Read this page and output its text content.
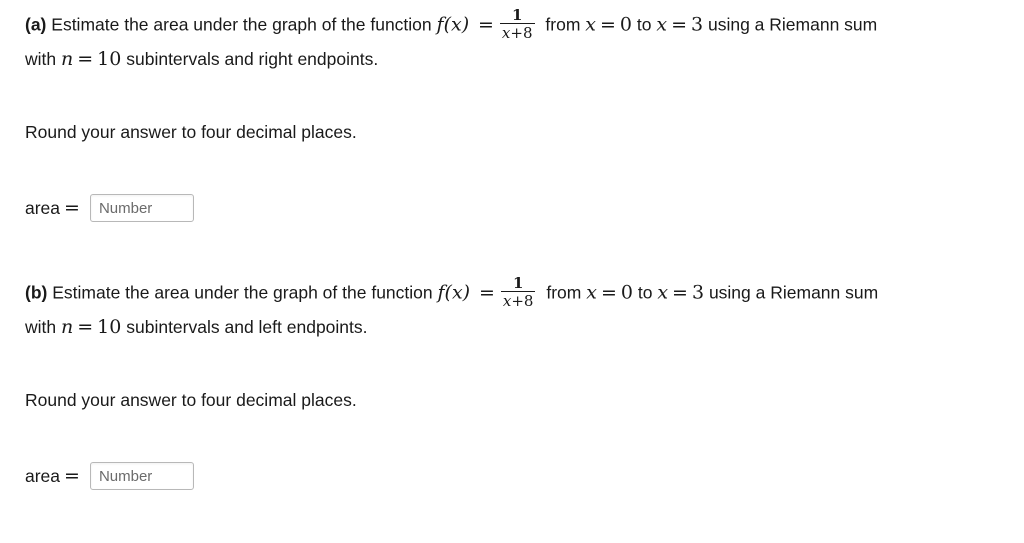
(a) Estimate the area under the graph of the function $f(x) = \frac{1}{x+8}$ from x = 0 to x = 3 using a Riemann sum
with n = 10 subintervals and right endpoints.
Round your answer to four decimal places.
area =
Number
(b) Estimate the area under the graph of the function $f(x) = \frac{1}{x+8}$ from x = 0 to x = 3 using a Riemann sum
with n = 10 subintervals and left endpoints.
Round your answer to four decimal places.
area =
Number
